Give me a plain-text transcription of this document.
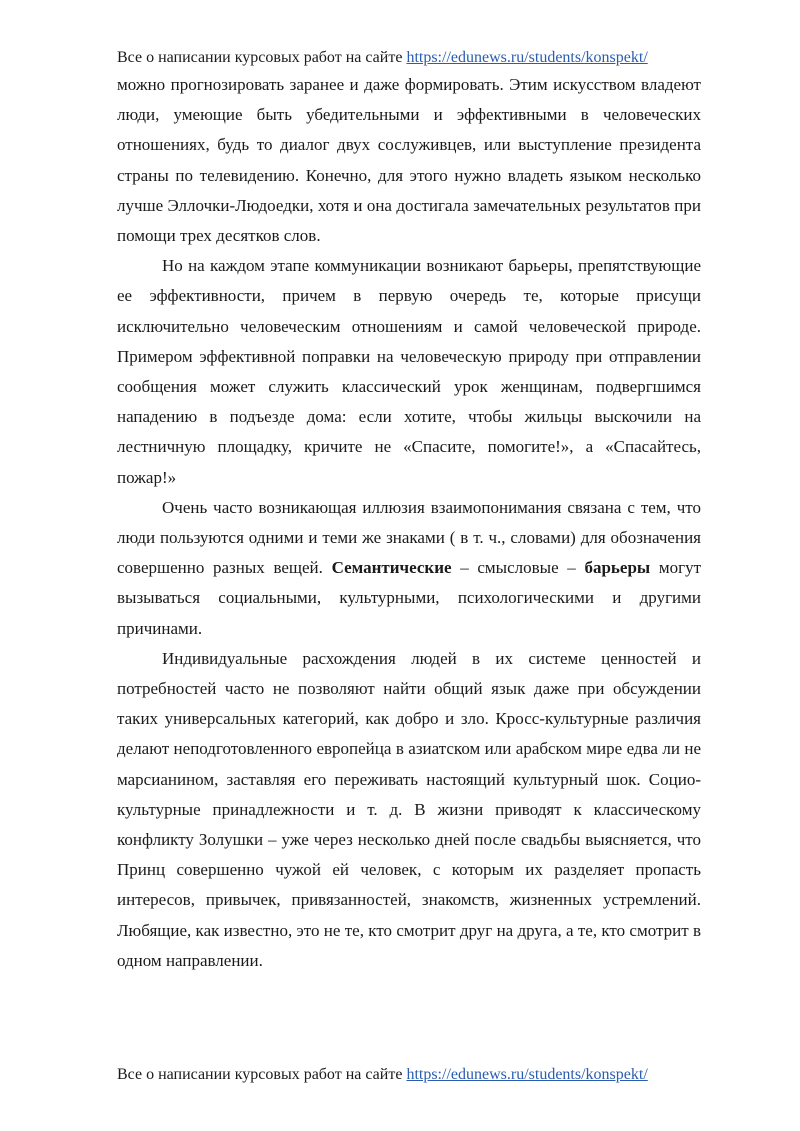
Все о написании курсовых работ на сайте https://edunews.ru/students/konspekt/

можно прогнозировать заранее и даже формировать. Этим искусством владеют люди, умеющие быть убедительными и эффективными в человеческих отношениях, будь то диалог двух сослуживцев, или выступление президента страны по телевидению. Конечно, для этого нужно владеть языком несколько лучше Эллочки-Людоедки, хотя и она достигала замечательных результатов при помощи трех десятков слов.

Но на каждом этапе коммуникации возникают барьеры, препятствующие ее эффективности, причем в первую очередь те, которые присущи исключительно человеческим отношениям и самой человеческой природе. Примером эффективной поправки на человеческую природу при отправлении сообщения может служить классический урок женщинам, подвергшимся нападению в подъезде дома: если хотите, чтобы жильцы выскочили на лестничную площадку, кричите не «Спасите, помогите!», а «Спасайтесь, пожар!»

Очень часто возникающая иллюзия взаимопонимания связана с тем, что люди пользуются одними и теми же знаками ( в т. ч., словами) для обозначения совершенно разных вещей. Семантические – смысловые – барьеры могут вызываться социальными, культурными, психологическими и другими причинами.

Индивидуальные расхождения людей в их системе ценностей и потребностей часто не позволяют найти общий язык даже при обсуждении таких универсальных категорий, как добро и зло. Кросс-культурные различия делают неподготовленного европейца в азиатском или арабском мире едва ли не марсианином, заставляя его переживать настоящий культурный шок. Социо-культурные принадлежности и т. д. В жизни приводят к классическому конфликту Золушки – уже через несколько дней после свадьбы выясняется, что Принц совершенно чужой ей человек, с которым их разделяет пропасть интересов, привычек, привязанностей, знакомств, жизненных устремлений. Любящие, как известно, это не те, кто смотрит друг на друга, а те, кто смотрит в одном направлении.

Все о написании курсовых работ на сайте https://edunews.ru/students/konspekt/
